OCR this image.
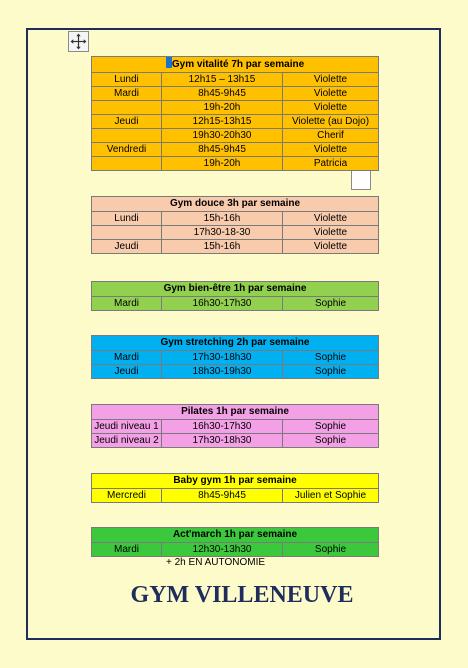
Gym vitalité 7h par semaine		
Lundi	12h15 – 13h15	Violette
Mardi	8h45-9h45	Violette
	19h-20h	Violette
Jeudi	12h15-13h15	Violette (au Dojo)
	19h30-20h30	Cherif
Vendredi	8h45-9h45	Violette
	19h-20h	Patricia
Gym douce 3h par semaine		
Lundi	15h-16h	Violette
	17h30-18-30	Violette
Jeudi	15h-16h	Violette
Gym bien-être 1h par semaine
Mardi	16h30-17h30	Sophie
Gym stretching 2h par semaine		
Mardi	17h30-18h30	Sophie
Jeudi	18h30-19h30	Sophie
Pilates 1h par semaine		
Jeudi niveau 1	16h30-17h30	Sophie
Jeudi niveau 2	17h30-18h30	Sophie
Baby gym 1h par semaine
Mercredi	8h45-9h45	Julien et Sophie
Act'march 1h par semaine
Mardi	12h30-13h30	Sophie
+ 2h EN AUTONOMIE
GYM VILLENEUVE
